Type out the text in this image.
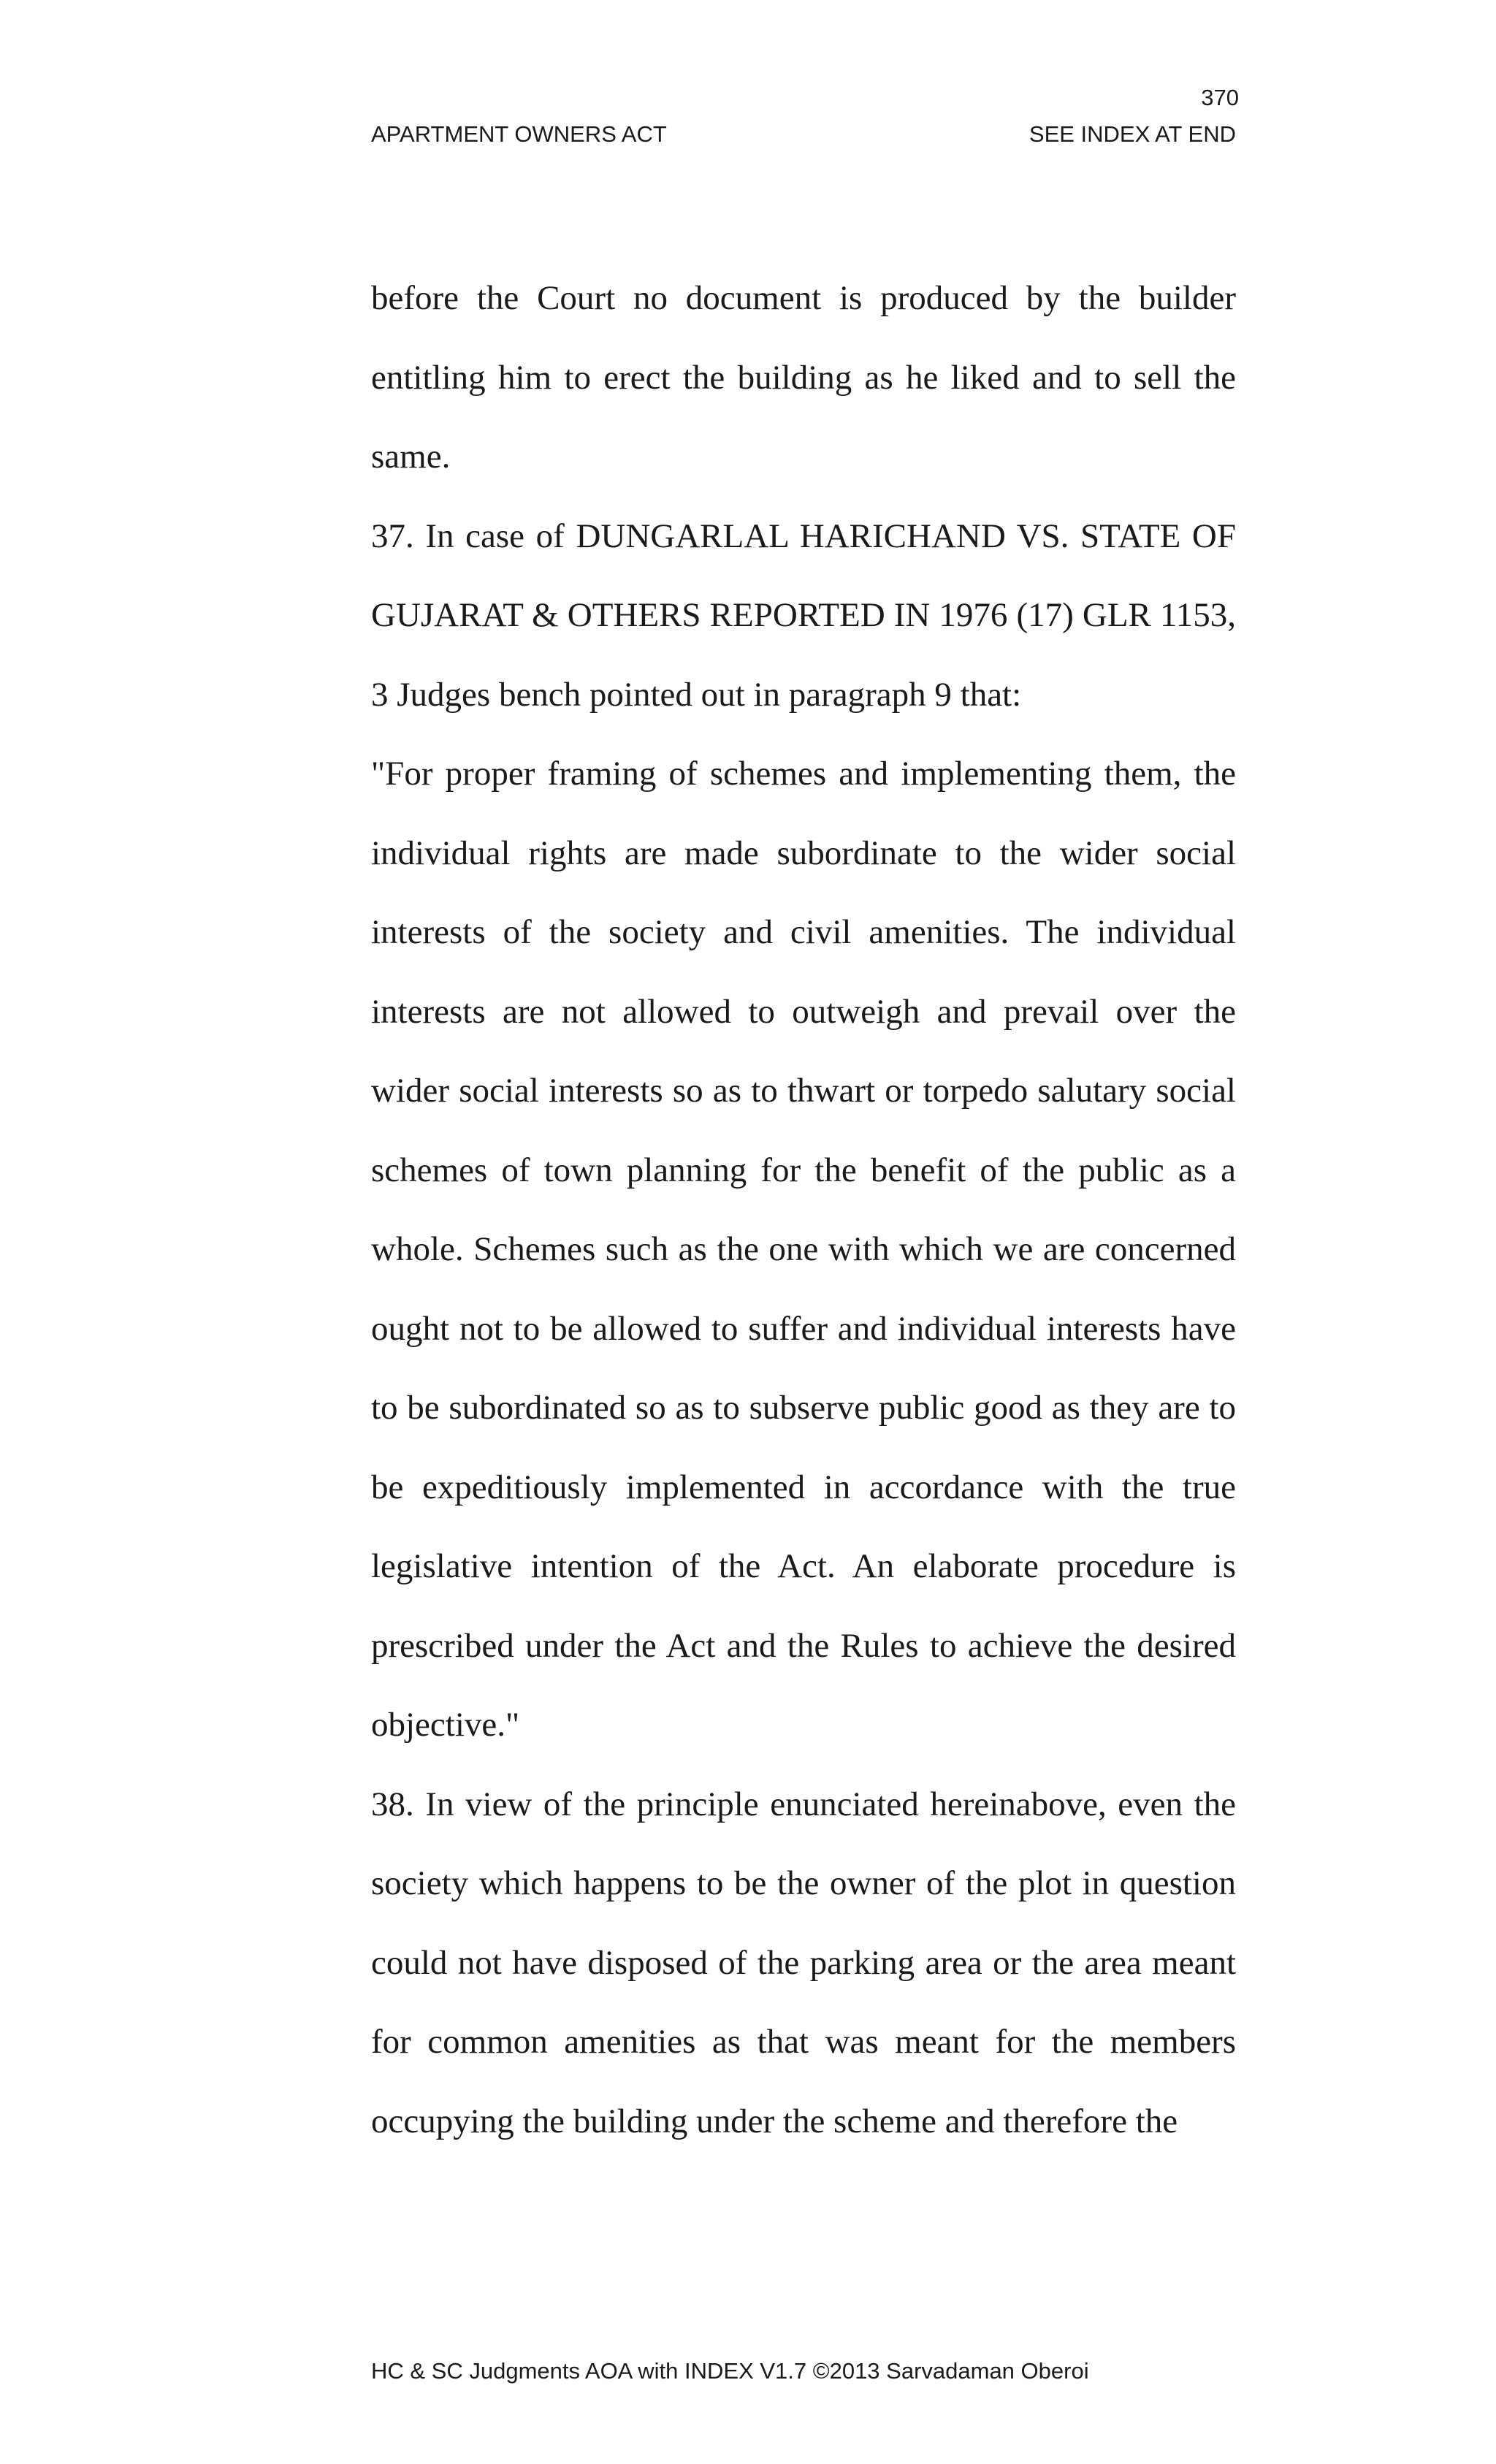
370
APARTMENT OWNERS ACT	SEE INDEX AT END

before the Court no document is produced by the builder entitling him to erect the building as he liked and to sell the same.

37. In case of DUNGARLAL HARICHAND VS. STATE OF GUJARAT & OTHERS REPORTED IN 1976 (17) GLR 1153, 3 Judges bench pointed out in paragraph 9 that:

"For proper framing of schemes and implementing them, the individual rights are made subordinate to the wider social interests of the society and civil amenities. The individual interests are not allowed to outweigh and prevail over the wider social interests so as to thwart or torpedo salutary social schemes of town planning for the benefit of the public as a whole. Schemes such as the one with which we are concerned ought not to be allowed to suffer and individual interests have to be subordinated so as to subserve public good as they are to be expeditiously implemented in accordance with the true legislative intention of the Act. An elaborate procedure is prescribed under the Act and the Rules to achieve the desired objective."

38. In view of the principle enunciated hereinabove, even the society which happens to be the owner of the plot in question could not have disposed of the parking area or the area meant for common amenities as that was meant for the members occupying the building under the scheme and therefore the

HC & SC Judgments AOA with INDEX V1.7 ©2013 Sarvadaman Oberoi
